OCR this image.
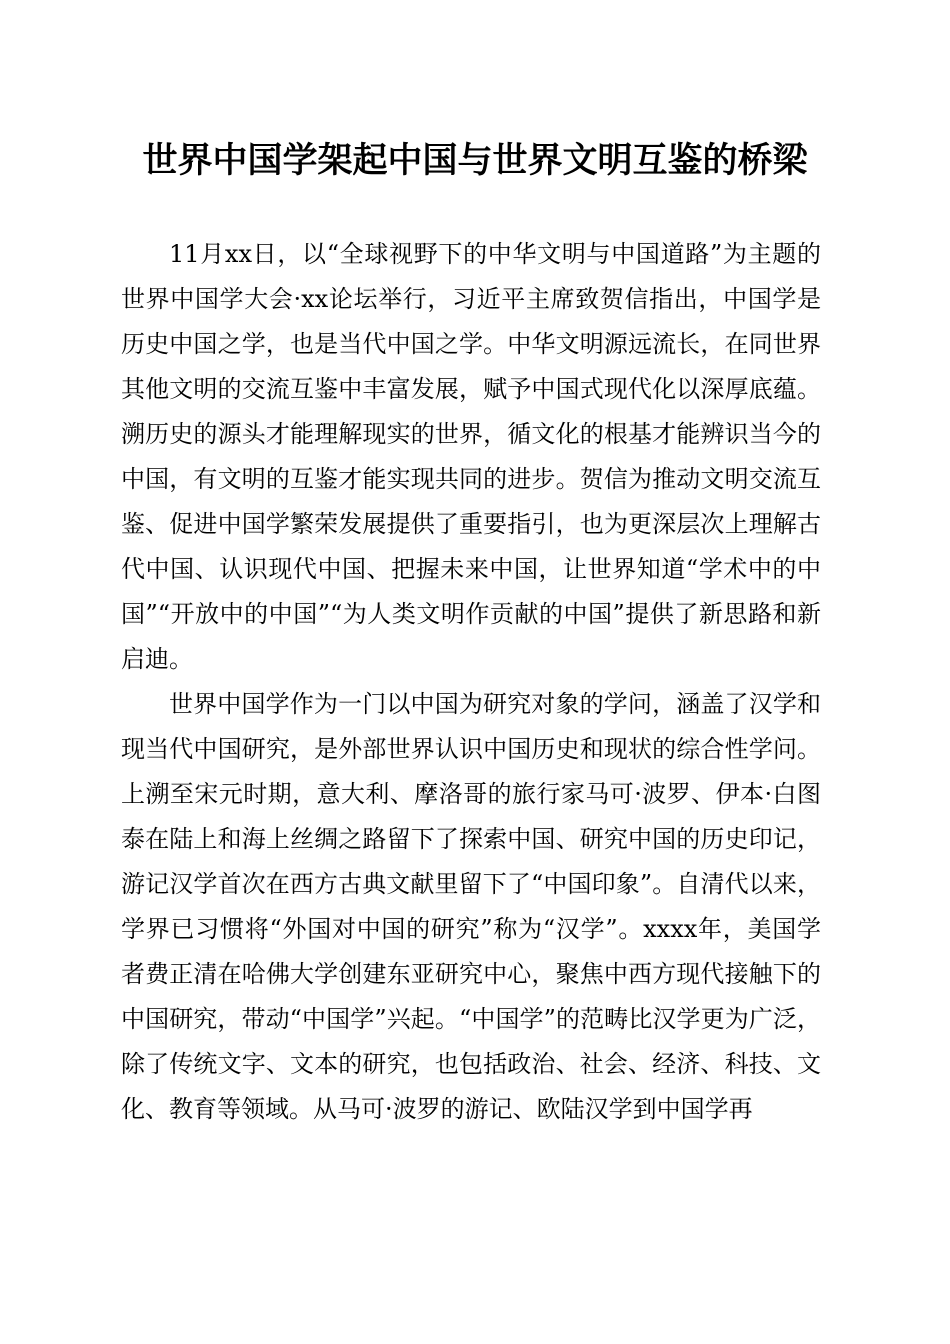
世界中国学架起中国与世界文明互鉴的桥梁

11月xx日，以“全球视野下的中华文明与中国道路”为主题的世界中国学大会·xx论坛举行，习近平主席致贺信指出，中国学是历史中国之学，也是当代中国之学。中华文明源远流长，在同世界其他文明的交流互鉴中丰富发展，赋予中国式现代化以深厚底蕴。溯历史的源头才能理解现实的世界，循文化的根基才能辨识当今的中国，有文明的互鉴才能实现共同的进步。贺信为推动文明交流互鉴、促进中国学繁荣发展提供了重要指引，也为更深层次上理解古代中国、认识现代中国、把握未来中国，让世界知道“学术中的中国”“开放中的中国”“为人类文明作贡献的中国”提供了新思路和新启迪。

世界中国学作为一门以中国为研究对象的学问，涵盖了汉学和现当代中国研究，是外部世界认识中国历史和现状的综合性学问。上溯至宋元时期，意大利、摩洛哥的旅行家马可·波罗、伊本·白图泰在陆上和海上丝绸之路留下了探索中国、研究中国的历史印记，游记汉学首次在西方古典文献里留下了“中国印象”。自清代以来，学界已习惯将“外国对中国的研究”称为“汉学”。xxxx年，美国学者费正清在哈佛大学创建东亚研究中心，聚焦中西方现代接触下的中国研究，带动“中国学”兴起。“中国学”的范畴比汉学更为广泛，除了传统文字、文本的研究，也包括政治、社会、经济、科技、文化、教育等领域。从马可·波罗的游记、欧陆汉学到中国学再
